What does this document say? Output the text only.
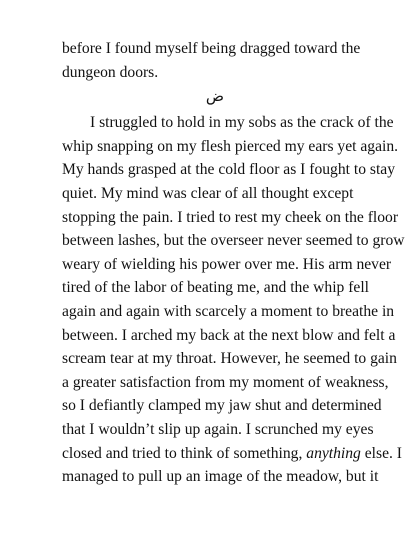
before I found myself being dragged toward the
dungeon doors.
ض
I struggled to hold in my sobs as the crack of the
whip snapping on my flesh pierced my ears yet again.
My hands grasped at the cold floor as I fought to stay
quiet. My mind was clear of all thought except
stopping the pain. I tried to rest my cheek on the floor
between lashes, but the overseer never seemed to grow
weary of wielding his power over me. His arm never
tired of the labor of beating me, and the whip fell
again and again with scarcely a moment to breathe in
between. I arched my back at the next blow and felt a
scream tear at my throat. However, he seemed to gain
a greater satisfaction from my moment of weakness,
so I defiantly clamped my jaw shut and determined
that I wouldn’t slip up again. I scrunched my eyes
closed and tried to think of something, anything else. I
managed to pull up an image of the meadow, but it
